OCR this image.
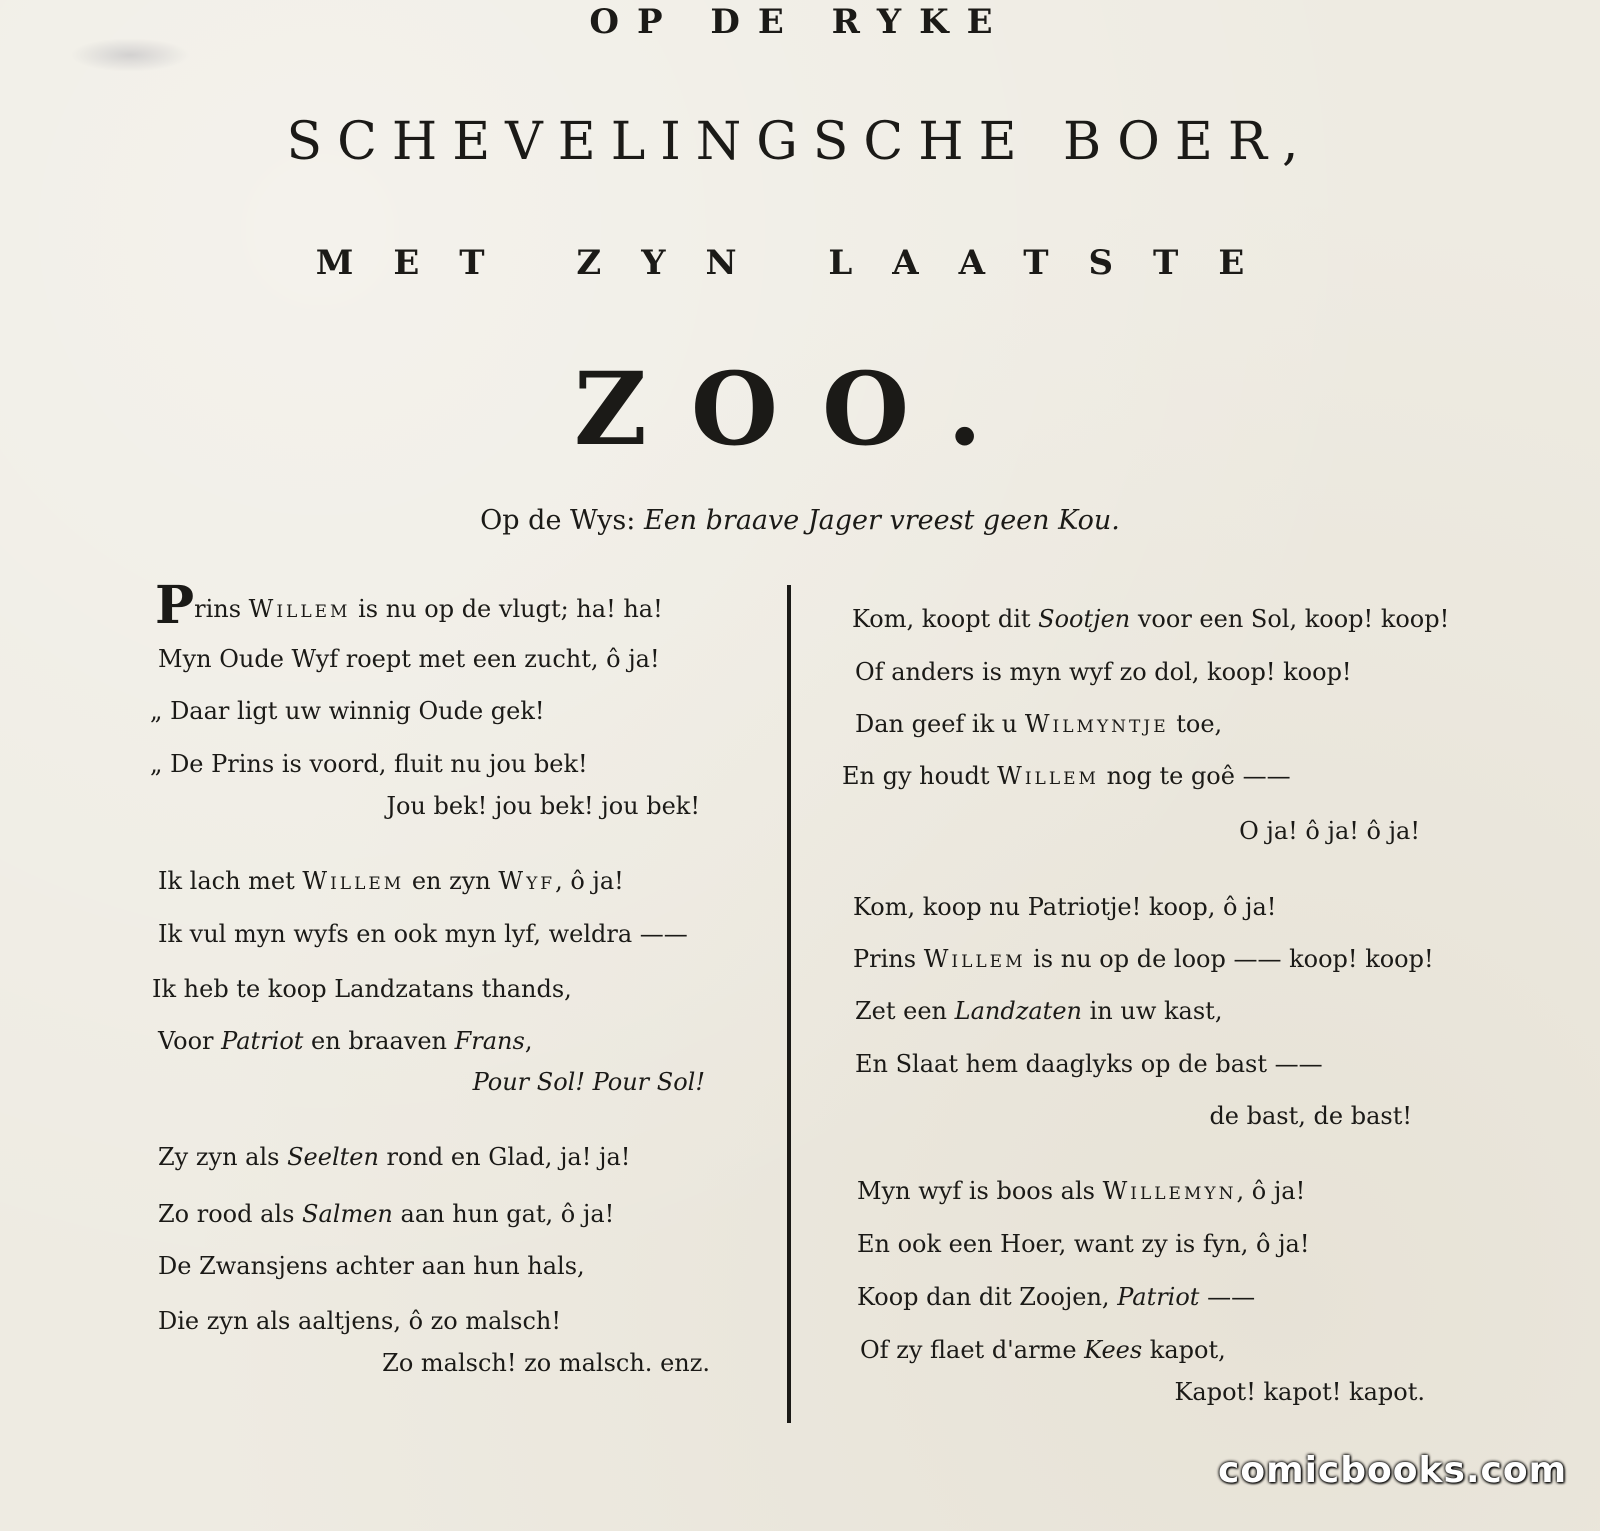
OP DE RYKE
SCHEVELINGSCHE BOER,
MET ZYN LAATSTE
ZOO.
Op de Wys: Een braave Jager vreest geen Kou.
Prins Willem is nu op de vlugt; ha! ha!
Myn Oude Wyf roept met een zucht, ô ja!
„ Daar ligt uw winnig Oude gek!
„ De Prins is voord, fluit nu jou bek!
Jou bek! jou bek! jou bek!
Ik lach met Willem en zyn Wyf, ô ja!
Ik vul myn wyfs en ook myn lyf, weldra ——
Ik heb te koop Landzatans thands,
Voor Patriot en braaven Frans,
Pour Sol! Pour Sol!
Zy zyn als Seelten rond en Glad, ja! ja!
Zo rood als Salmen aan hun gat, ô ja!
De Zwansjens achter aan hun hals,
Die zyn als aaltjens, ô zo malsch!
Zo malsch! zo malsch. enz.
Kom, koopt dit Sootjen voor een Sol, koop! koop!
Of anders is myn wyf zo dol, koop! koop!
Dan geef ik u Wilmyntje toe,
En gy houdt Willem nog te goê ——
O ja! ô ja! ô ja!
Kom, koop nu Patriotje! koop, ô ja!
Prins Willem is nu op de loop —— koop! koop!
Zet een Landzaten in uw kast,
En Slaat hem daaglyks op de bast ——
de bast, de bast!
Myn wyf is boos als Willemyn, ô ja!
En ook een Hoer, want zy is fyn, ô ja!
Koop dan dit Zoojen, Patriot ——
Of zy flaet d'arme Kees kapot,
Kapot! kapot! kapot.
comicbooks.com
